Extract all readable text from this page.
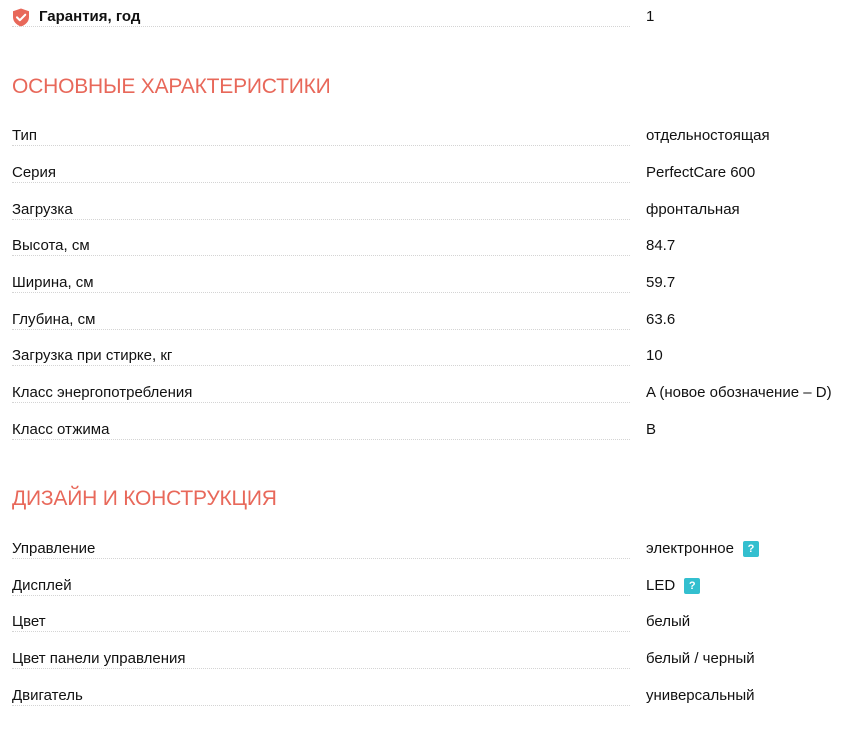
Гарантия, год	1
ОСНОВНЫЕ ХАРАКТЕРИСТИКИ
Тип	отдельностоящая
Серия	PerfectCare 600
Загрузка	фронтальная
Высота, см	84.7
Ширина, см	59.7
Глубина, см	63.6
Загрузка при стирке, кг	10
Класс энергопотребления	A (новое обозначение – D)
Класс отжима	B
ДИЗАЙН И КОНСТРУКЦИЯ
Управление	электронное	?
Дисплей	LED	?
Цвет	белый
Цвет панели управления	белый / черный
Двигатель	универсальный
